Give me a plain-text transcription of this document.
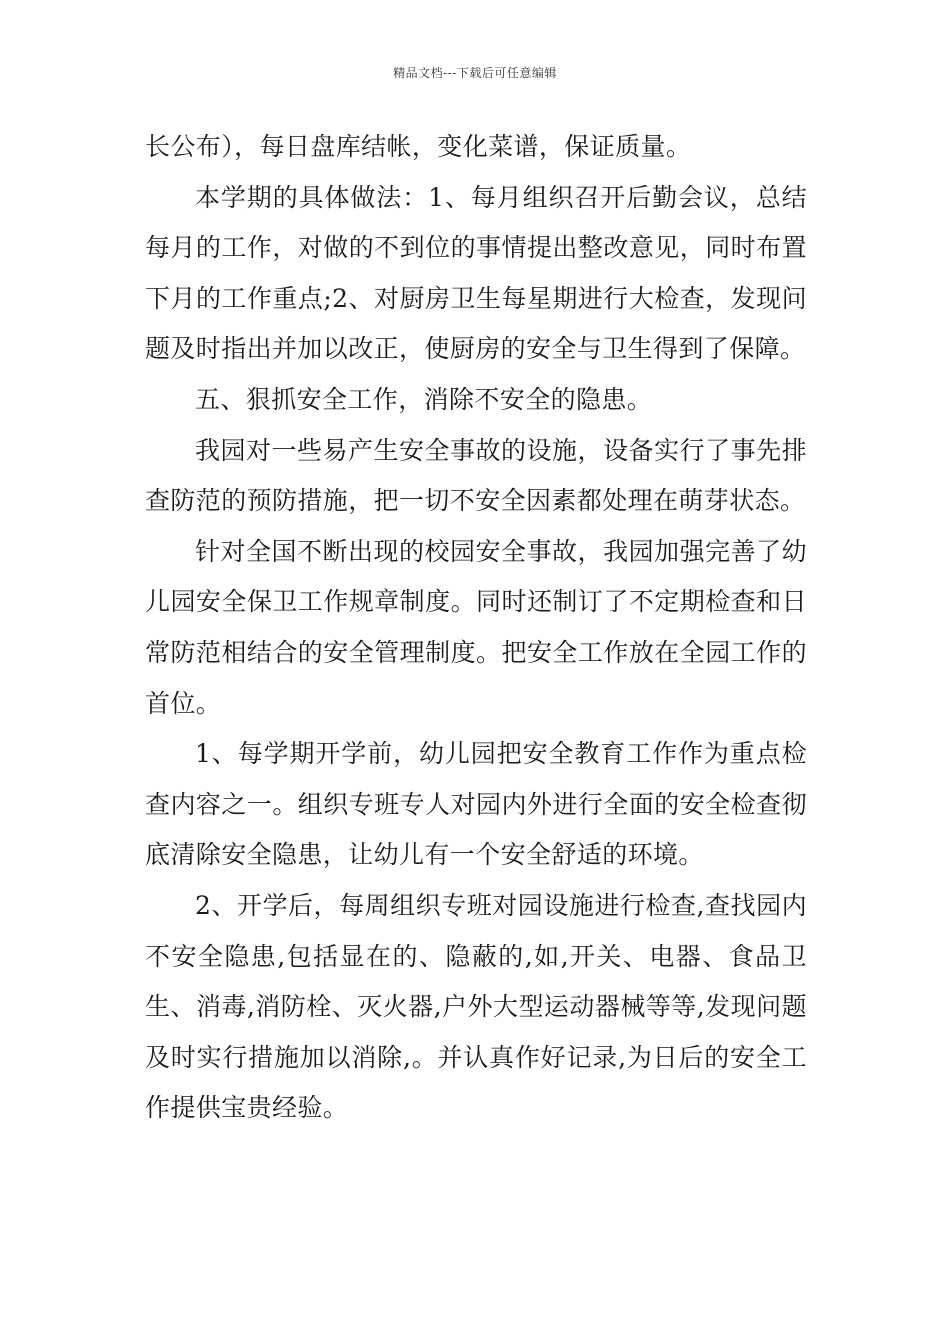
精品文档---下载后可任意编辑

长公布），每日盘库结帐，变化菜谱，保证质量。

本学期的具体做法：1、每月组织召开后勤会议，总结每月的工作，对做的不到位的事情提出整改意见，同时布置下月的工作重点;2、对厨房卫生每星期进行大检查，发现问题及时指出并加以改正，使厨房的安全与卫生得到了保障。

五、狠抓安全工作，消除不安全的隐患。

我园对一些易产生安全事故的设施，设备实行了事先排查防范的预防措施，把一切不安全因素都处理在萌芽状态。

针对全国不断出现的校园安全事故，我园加强完善了幼儿园安全保卫工作规章制度。同时还制订了不定期检查和日常防范相结合的安全管理制度。把安全工作放在全园工作的首位。

1、每学期开学前，幼儿园把安全教育工作作为重点检查内容之一。组织专班专人对园内外进行全面的安全检查彻底清除安全隐患，让幼儿有一个安全舒适的环境。

2、开学后，每周组织专班对园设施进行检查,查找园内不安全隐患,包括显在的、隐蔽的,如,开关、电器、食品卫生、消毒,消防栓、灭火器,户外大型运动器械等等,发现问题及时实行措施加以消除,。并认真作好记录,为日后的安全工作提供宝贵经验。
